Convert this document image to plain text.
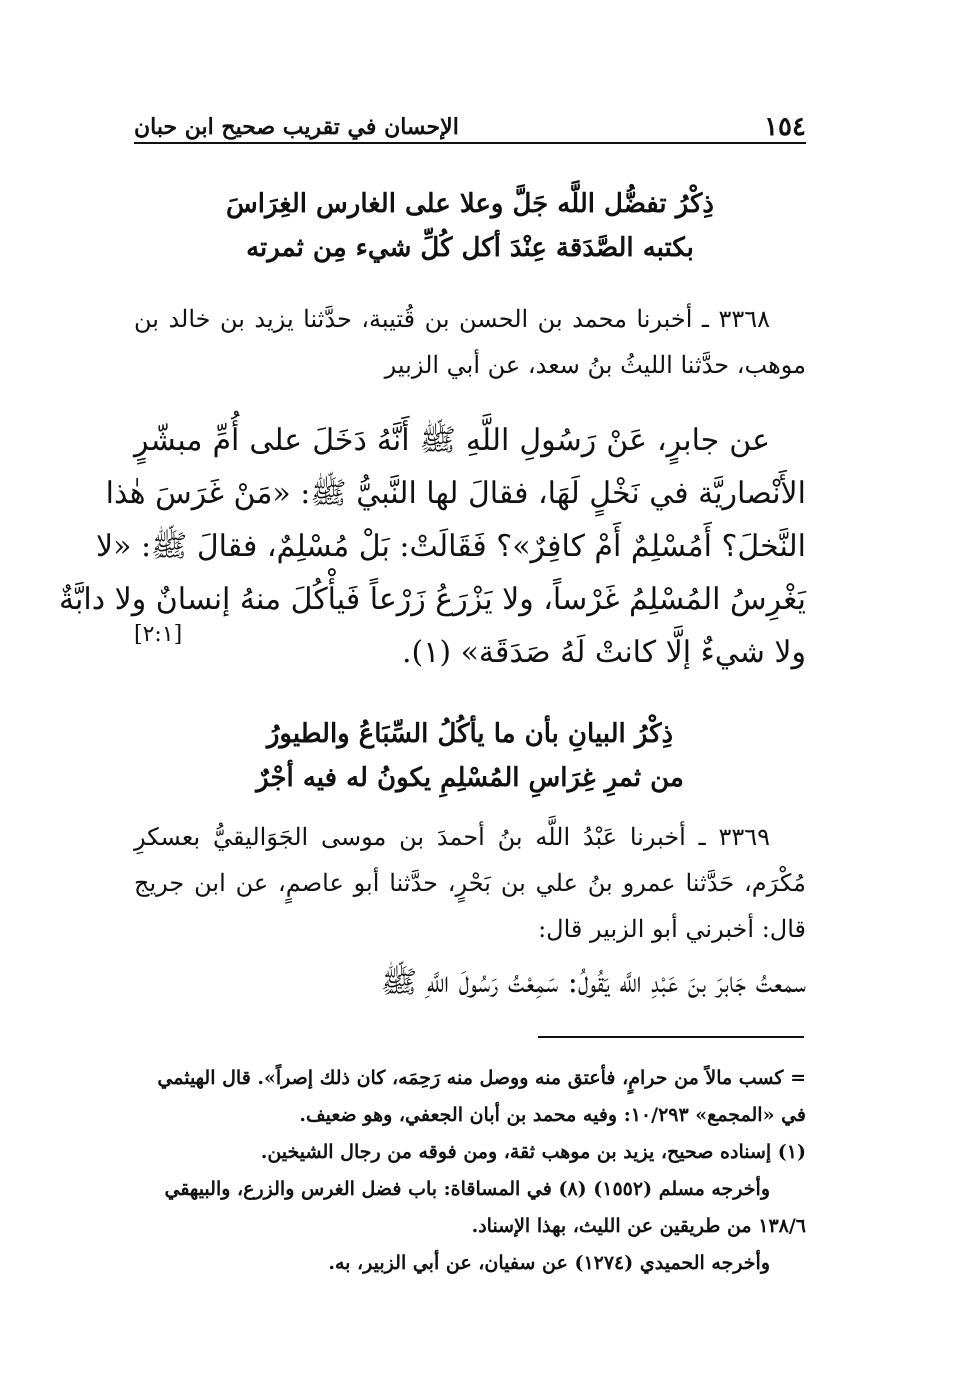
١٥٤
الإحسان في تقريب صحيح ابن حبان
ذِكْرُ تفضُّل اللَّه جَلَّ وعلا على الغارس الغِرَاسَ
بكتبه الصَّدَقة عِنْدَ أكل كُلِّ شيء مِن ثمرته
٣٣٦٨ ـ أخبرنا محمد بن الحسن بن قُتيبة، حدَّثنا يزيد بن خالد بن
موهب، حدَّثنا الليثُ بنُ سعد، عن أبي الزبير
عن جابرٍ، عَنْ رَسُولِ اللَّهِ ﷺ أَنَّهُ دَخَلَ على أُمِّ مبشّرٍ
الأَنْصاريَّة في نَخْلٍ لَهَا، فقالَ لها النَّبيُّ ﷺ: «مَنْ غَرَسَ هٰذا
النَّخلَ؟ أَمُسْلِمٌ أَمْ كافِرٌ»؟ فَقَالَتْ: بَلْ مُسْلِمٌ، فقالَ ﷺ: «لا
يَغْرِسُ المُسْلِمُ غَرْساً، ولا يَزْرَعُ زَرْعاً فَيأْكُلَ منهُ إنسانٌ ولا دابَّةٌ
ولا شيءٌ إلَّا كانتْ لَهُ صَدَقَة» (١).
[٢:١]
ذِكْرُ البيانِ بأن ما يأكُلُ السِّبَاعُ والطيورُ
من ثمرِ غِرَاسِ المُسْلِمِ يكونُ له فيه أجْرٌ
٣٣٦٩ ـ أخبرنا عَبْدُ اللَّه بنُ أحمدَ بن موسى الجَوَاليقيُّ بعسكرِ
مُكْرَم، حَدَّثنا عمرو بنُ علي بن بَحْرٍ، حدَّثنا أبو عاصمٍ، عن ابن جريج
قال: أخبرني أبو الزبير قال:
سمعتُ جَابرَ بنَ عَبْدِ اللَّه يَقُولُ: سَمِعْتُ رَسُولَ اللَّهِ ﷺ
= كسب مالاً من حرامٍ، فأعتق منه ووصل منه رَحِمَه، كان ذلك إصراً». قال الهيثمي
في «المجمع» ١٠/٢٩٣: وفيه محمد بن أبان الجعفي، وهو ضعيف.
(١) إسناده صحيح، يزيد بن موهب ثقة، ومن فوقه من رجال الشيخين.
وأخرجه مسلم (١٥٥٢) (٨) في المساقاة: باب فضل الغرس والزرع، والبيهقي
١٣٨/٦ من طريقين عن الليث، بهذا الإسناد.
وأخرجه الحميدي (١٢٧٤) عن سفيان، عن أبي الزبير، به.
